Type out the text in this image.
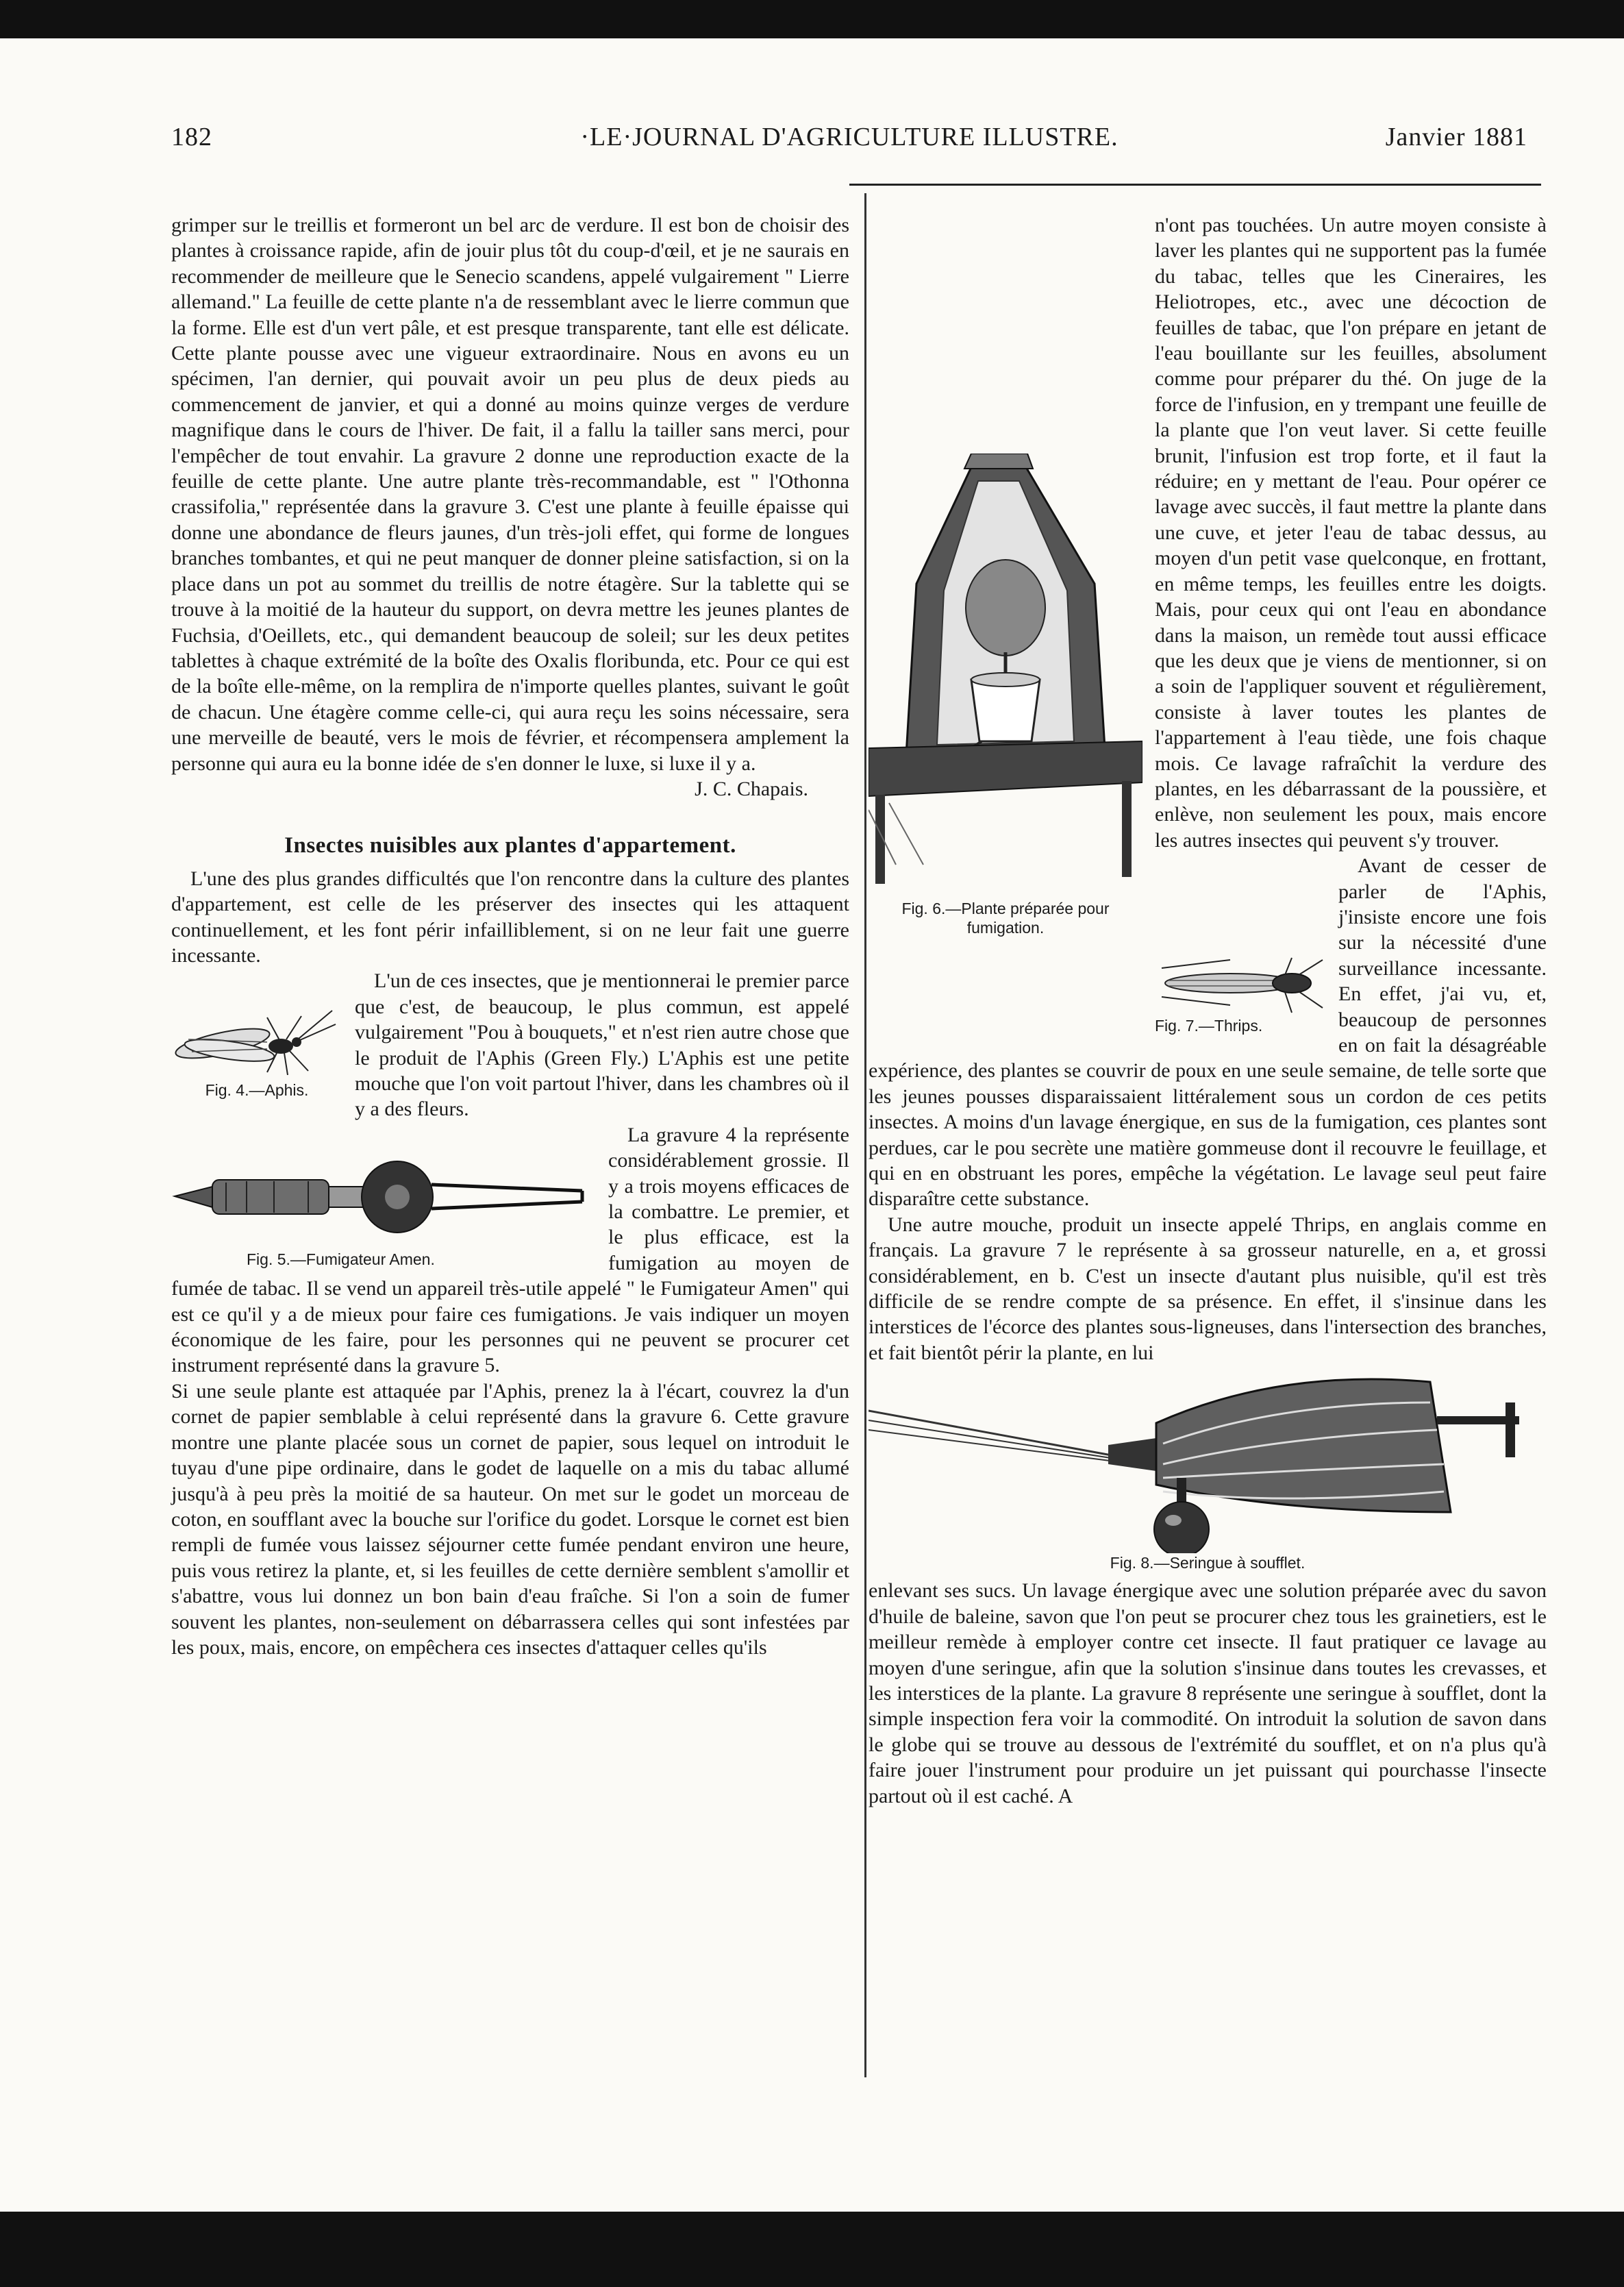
182	·LE·JOURNAL D'AGRICULTURE ILLUSTRE.	Janvier 1881

grimper sur le treillis et formeront un bel arc de verdure. Il est bon de choisir des plantes à croissance rapide, afin de jouir plus tôt du coup-d'œil, et je ne saurais en recommender de meilleure que le Senecio scandens, appelé vulgairement " Lierre allemand." La feuille de cette plante n'a de ressemblant avec le lierre commun que la forme. Elle est d'un vert pâle, et est presque transparente, tant elle est délicate. Cette plante pousse avec une vigueur extraordinaire. Nous en avons eu un spécimen, l'an dernier, qui pouvait avoir un peu plus de deux pieds au commencement de janvier, et qui a donné au moins quinze verges de verdure magnifique dans le cours de l'hiver. De fait, il a fallu la tailler sans merci, pour l'empêcher de tout envahir. La gravure 2 donne une reproduction exacte de la feuille de cette plante. Une autre plante très-recommandable, est " l'Othonna crassifolia," représentée dans la gravure 3. C'est une plante à feuille épaisse qui donne une abondance de fleurs jaunes, d'un très-joli effet, qui forme de longues branches tombantes, et qui ne peut manquer de donner pleine satisfaction, si on la place dans un pot au sommet du treillis de notre étagère. Sur la tablette qui se trouve à la moitié de la hauteur du support, on devra mettre les jeunes plantes de Fuchsia, d'Oeillets, etc., qui demandent beaucoup de soleil; sur les deux petites tablettes à chaque extrémité de la boîte des Oxalis floribunda, etc. Pour ce qui est de la boîte elle-même, on la remplira de n'importe quelles plantes, suivant le goût de chacun. Une étagère comme celle-ci, qui aura reçu les soins nécessaire, sera une merveille de beauté, vers le mois de février, et récompensera amplement la personne qui aura eu la bonne idée de s'en donner le luxe, si luxe il y a.
J. C. Chapais.

Insectes nuisibles aux plantes d'appartement.

L'une des plus grandes difficultés que l'on rencontre dans la culture des plantes d'appartement, est celle de les préserver des insectes qui les attaquent continuellement, et les font périr infailliblement, si on ne leur fait une guerre incessante.

Fig. 4.—Aphis.

L'un de ces insectes, que je mentionnerai le premier parce que c'est, de beaucoup, le plus commun, est appelé vulgairement "Pou à bouquets," et n'est rien autre chose que le produit de l'Aphis (Green Fly.) L'Aphis est une petite mouche que l'on voit partout l'hiver, dans les chambres où il y a des fleurs.

Fig. 5.—Fumigateur Amen.

La gravure 4 la représente considérablement grossie. Il y a trois moyens efficaces de la combattre. Le premier, et le plus efficace, est la fumigation au moyen de fumée de tabac. Il se vend un appareil très-utile appelé " le Fumigateur Amen" qui est ce qu'il y a de mieux pour faire ces fumigations. Je vais indiquer un moyen économique de les faire, pour les personnes qui ne peuvent se procurer cet instrument représenté dans la gravure 5.

Si une seule plante est attaquée par l'Aphis, prenez la à l'écart, couvrez la d'un cornet de papier semblable à celui représenté dans la gravure 6. Cette gravure montre une plante placée sous un cornet de papier, sous lequel on introduit le tuyau d'une pipe ordinaire, dans le godet de laquelle on a mis du tabac allumé jusqu'à à peu près la moitié de sa hauteur. On met sur le godet un morceau de coton, en soufflant avec la bouche sur l'orifice du godet. Lorsque le cornet est bien rempli de fumée vous laissez séjourner cette fumée pendant environ une heure, puis vous retirez la plante, et, si les feuilles de cette dernière semblent s'amollir et s'abattre, vous lui donnez un bon bain d'eau fraîche. Si l'on a soin de fumer souvent les plantes, non-seulement on débarrassera celles qui sont infestées par les poux, mais, encore, on empêchera ces insectes d'attaquer celles qu'ils

Fig. 6.—Plante préparée pour fumigation.

n'ont pas touchées. Un autre moyen consiste à laver les plantes qui ne supportent pas la fumée du tabac, telles que les Cineraires, les Heliotropes, etc., avec une décoction de feuilles de tabac, que l'on prépare en jetant de l'eau bouillante sur les feuilles, absolument comme pour préparer du thé. On juge de la force de l'infusion, en y trempant une feuille de la plante que l'on veut laver. Si cette feuille brunit, l'infusion est trop forte, et il faut la réduire; en y mettant de l'eau. Pour opérer ce lavage avec succès, il faut mettre la plante dans une cuve, et jeter l'eau de tabac dessus, au moyen d'un petit vase quelconque, en frottant, en même temps, les feuilles entre les doigts. Mais, pour ceux qui ont l'eau en abondance dans la maison, un remède tout aussi efficace que les deux que je viens de mentionner, si on a soin de l'appliquer souvent et régulièrement, consiste à laver toutes les plantes de l'appartement à l'eau tiède, une fois chaque mois. Ce lavage rafraîchit la verdure des plantes, en les débarrassant de la poussière, et enlève, non seulement les poux, mais encore les autres insectes qui peuvent s'y trouver.

Fig. 7.—Thrips.

Avant de cesser de parler de l'Aphis, j'insiste encore une fois sur la nécessité d'une surveillance incessante. En effet, j'ai vu, et, beaucoup de personnes en on fait la désagréable expérience, des plantes se couvrir de poux en une seule semaine, de telle sorte que les jeunes pousses disparaissaient littéralement sous un cordon de ces petits insectes. A moins d'un lavage énergique, en sus de la fumigation, ces plantes sont perdues, car le pou secrète une matière gommeuse dont il recouvre le feuillage, et qui en en obstruant les pores, empêche la végétation. Le lavage seul peut faire disparaître cette substance.

Une autre mouche, produit un insecte appelé Thrips, en anglais comme en français. La gravure 7 le représente à sa grosseur naturelle, en a, et grossi considérablement, en b. C'est un insecte d'autant plus nuisible, qu'il est très difficile de se rendre compte de sa présence. En effet, il s'insinue dans les interstices de l'écorce des plantes sous-ligneuses, dans l'intersection des branches, et fait bientôt périr la plante, en lui

Fig. 8.—Seringue à soufflet.

enlevant ses sucs. Un lavage énergique avec une solution préparée avec du savon d'huile de baleine, savon que l'on peut se procurer chez tous les grainetiers, est le meilleur remède à employer contre cet insecte. Il faut pratiquer ce lavage au moyen d'une seringue, afin que la solution s'insinue dans toutes les crevasses, et les interstices de la plante. La gravure 8 représente une seringue à soufflet, dont la simple inspection fera voir la commodité. On introduit la solution de savon dans le globe qui se trouve au dessous de l'extrémité du soufflet, et on n'a plus qu'à faire jouer l'instrument pour produire un jet puissant qui pourchasse l'insecte partout où il est caché. A
